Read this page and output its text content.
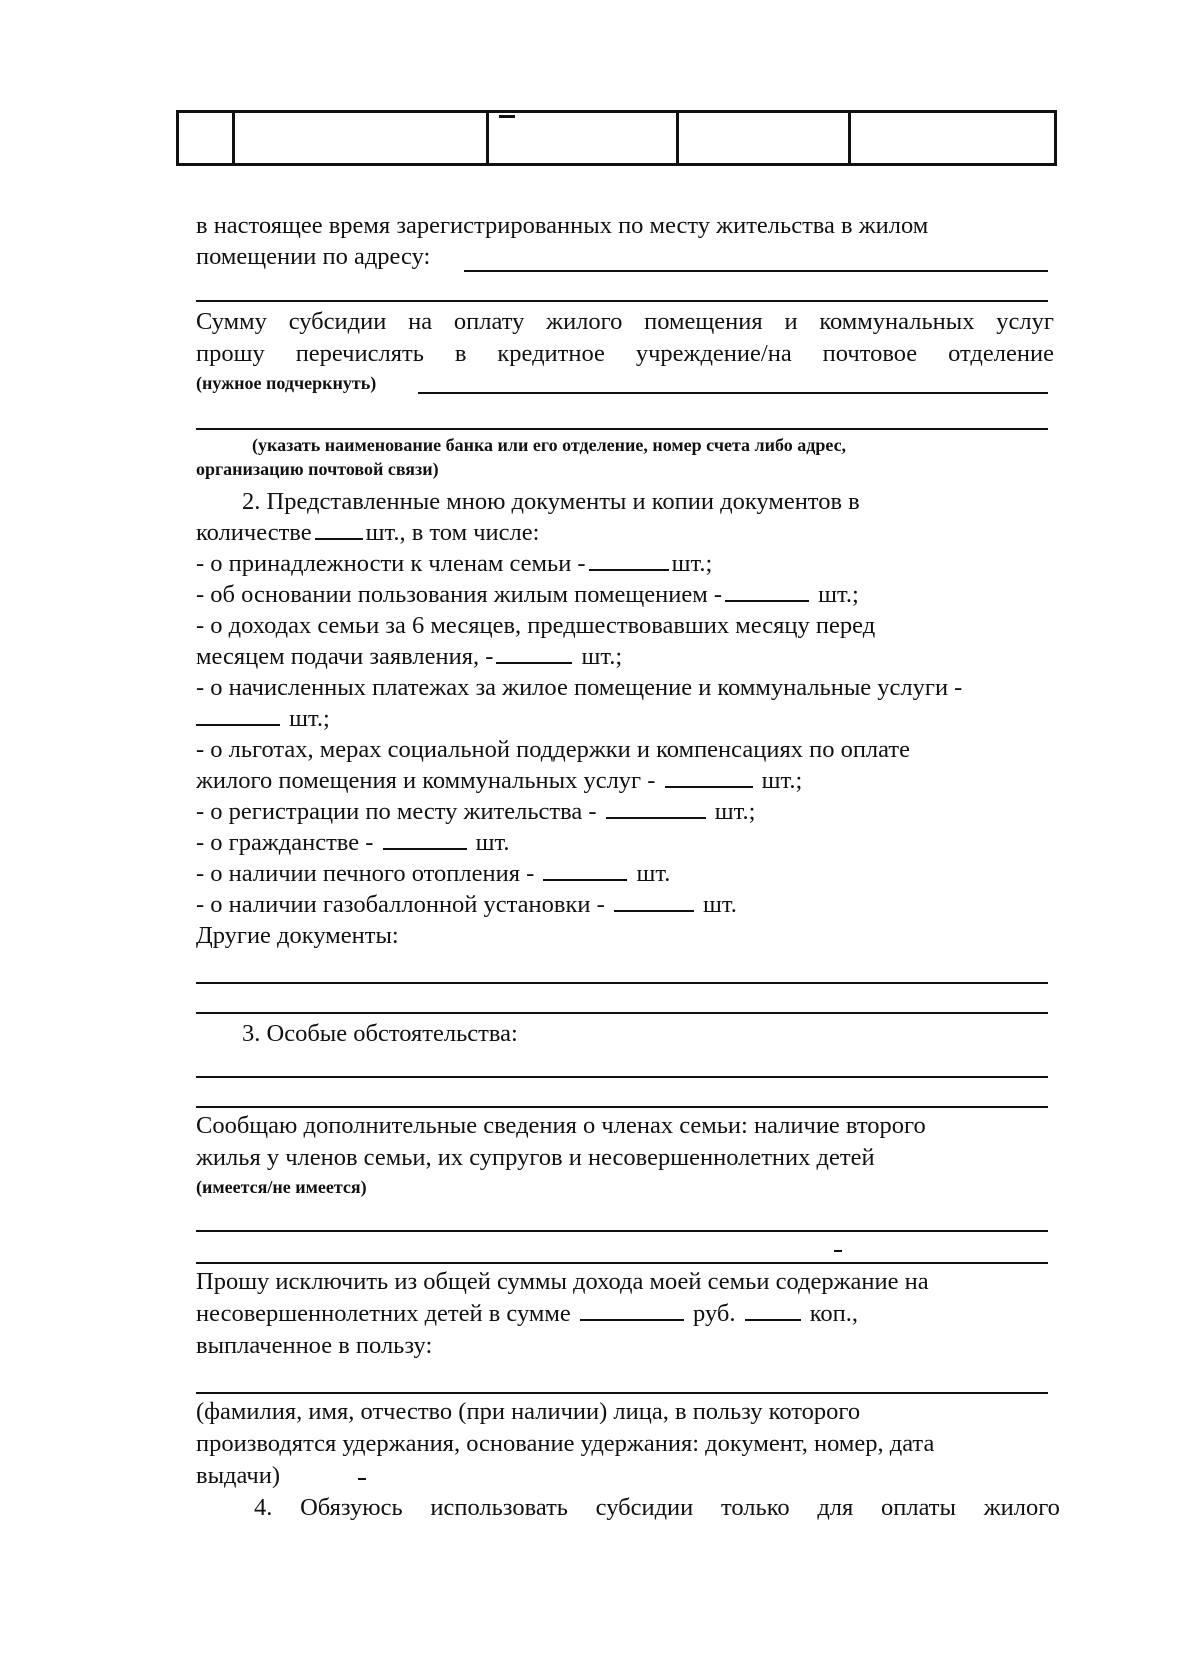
в настоящее время зарегистрированных по месту жительства в жилом
помещении по адресу:
Сумму субсидии на оплату жилого помещения и коммунальных услуг
прошу перечислять в кредитное учреждение/на почтовое отделение
(нужное подчеркнуть)
(указать наименование банка или его отделение, номер счета либо адрес,
организацию почтовой связи)
2. Представленные мною документы и копии документов в
количестве шт., в том числе:
- о принадлежности к членам семьи -	шт.;
- об основании пользования жилым помещением -	шт.;
- о доходах семьи за 6 месяцев, предшествовавших месяцу перед
месяцем подачи заявления, -	шт.;
- о начисленных платежах за жилое помещение и коммунальные услуги -
шт.;
- о льготах, мерах социальной поддержки и компенсациях по оплате
жилого помещения и коммунальных услуг -	шт.;
- о регистрации по месту жительства -	шт.;
- о гражданстве -	шт.
- о наличии печного отопления -	шт.
- о наличии газобаллонной установки -	шт.
Другие документы:
3. Особые обстоятельства:
Сообщаю дополнительные сведения о членах семьи: наличие второго
жилья у членов семьи, их супругов и несовершеннолетних детей
(имеется/не имеется)
Прошу исключить из общей суммы дохода моей семьи содержание на
несовершеннолетних детей в сумме	руб.	коп.,
выплаченное в пользу:
(фамилия, имя, отчество (при наличии) лица, в пользу которого
производятся удержания, основание удержания: документ, номер, дата
выдачи)
4. Обязуюсь использовать субсидии только для оплаты жилого
